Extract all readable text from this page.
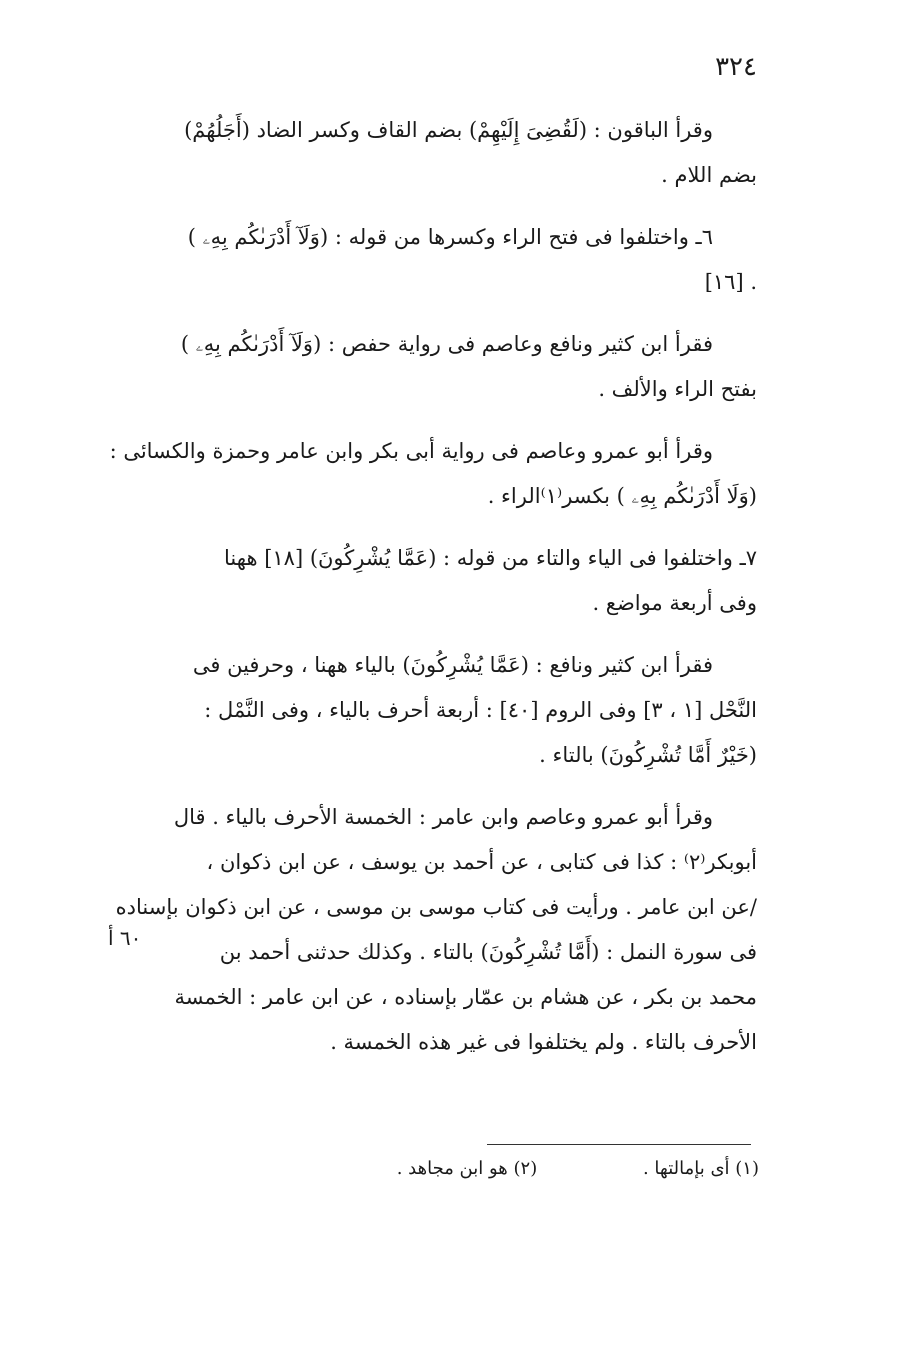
٣٢٤
وقرأ الباقون : (لَقُضِىَ إِلَيْهِمْ) بضم القاف وكسر الضاد (أَجَلُهُمْ)
بضم اللام .
٦ـ واختلفوا فى فتح الراء وكسرها من قوله : (وَلَآ أَدْرَىٰكُم بِهِۦ )
. [١٦]
فقرأ ابن كثير ونافع وعاصم فى رواية حفص : (وَلَآ أَدْرَىٰكُم بِهِۦ )
بفتح الراء والألف .
وقرأ أبو عمرو وعاصم فى رواية أبى بكر وابن عامر وحمزة والكسائى :
(وَلَا أَدْرَىٰكُم بِهِۦ ) بكسر⁽١⁾الراء .
٧ـ واختلفوا فى الياء والتاء من قوله : (عَمَّا يُشْرِكُونَ) [١٨] ههنا
وفى أربعة مواضع .
فقرأ ابن كثير ونافع : (عَمَّا يُشْرِكُونَ) بالياء ههنا ، وحرفين فى
النَّحْل [١ ، ٣] وفى الروم [٤٠] : أربعة أحرف بالياء ، وفى النَّمْل :
(خَيْرٌ أَمَّا تُشْرِكُونَ) بالتاء .
وقرأ أبو عمرو وعاصم وابن عامر : الخمسة الأحرف بالياء . قال
أبوبكر⁽٢⁾ : كذا فى كتابى ، عن أحمد بن يوسف ، عن ابن ذكوان ،
/عن ابن عامر . ورأيت فى كتاب موسى بن موسى ، عن ابن ذكوان بإسناده
فى سورة النمل : (أَمَّا تُشْرِكُونَ) بالتاء . وكذلك حدثنى أحمد بن
محمد بن بكر ، عن هشام بن عمّار بإسناده ، عن ابن عامر : الخمسة
الأحرف بالتاء . ولم يختلفوا فى غير هذه الخمسة .
٦٠ أ
(١) أى بإمالتها . (٢) هو ابن مجاهد .
